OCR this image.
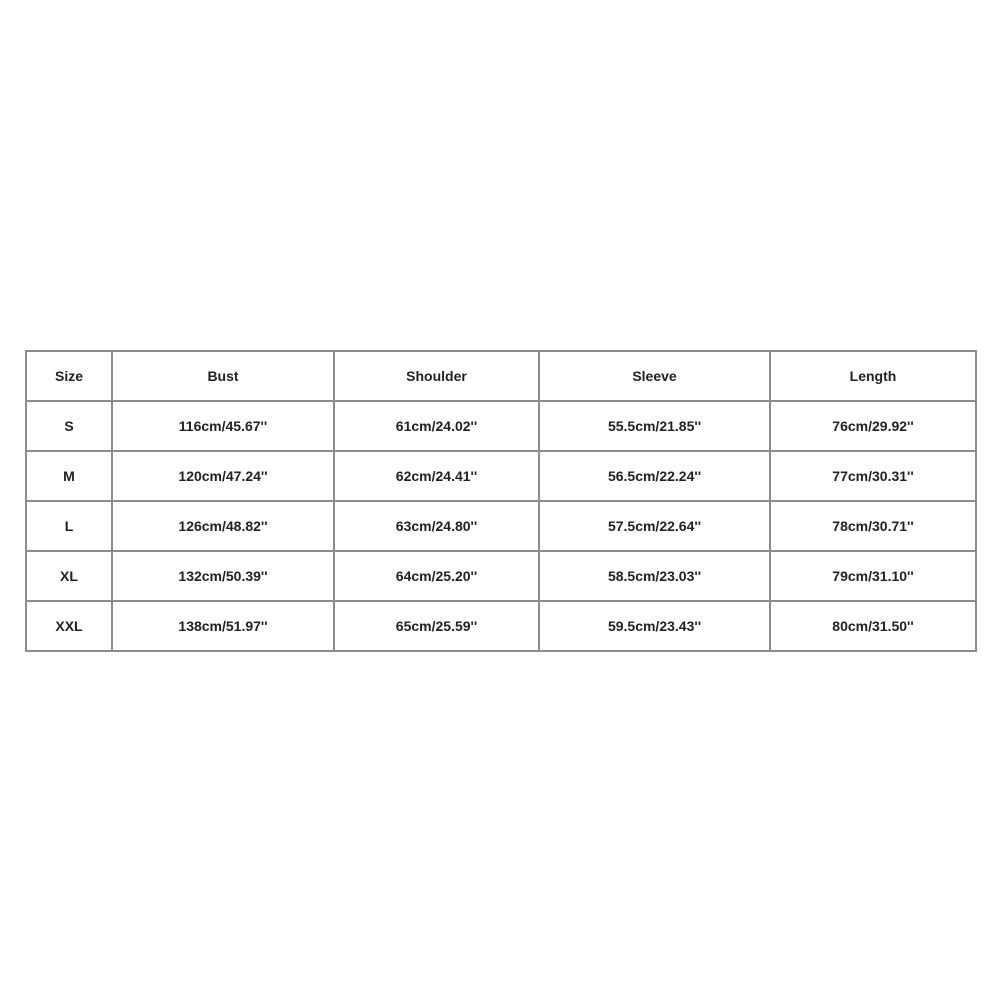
Size	Bust	Shoulder	Sleeve	Length
S	116cm/45.67''	61cm/24.02''	55.5cm/21.85''	76cm/29.92''
M	120cm/47.24''	62cm/24.41''	56.5cm/22.24''	77cm/30.31''
L	126cm/48.82''	63cm/24.80''	57.5cm/22.64''	78cm/30.71''
XL	132cm/50.39''	64cm/25.20''	58.5cm/23.03''	79cm/31.10''
XXL	138cm/51.97''	65cm/25.59''	59.5cm/23.43''	80cm/31.50''
